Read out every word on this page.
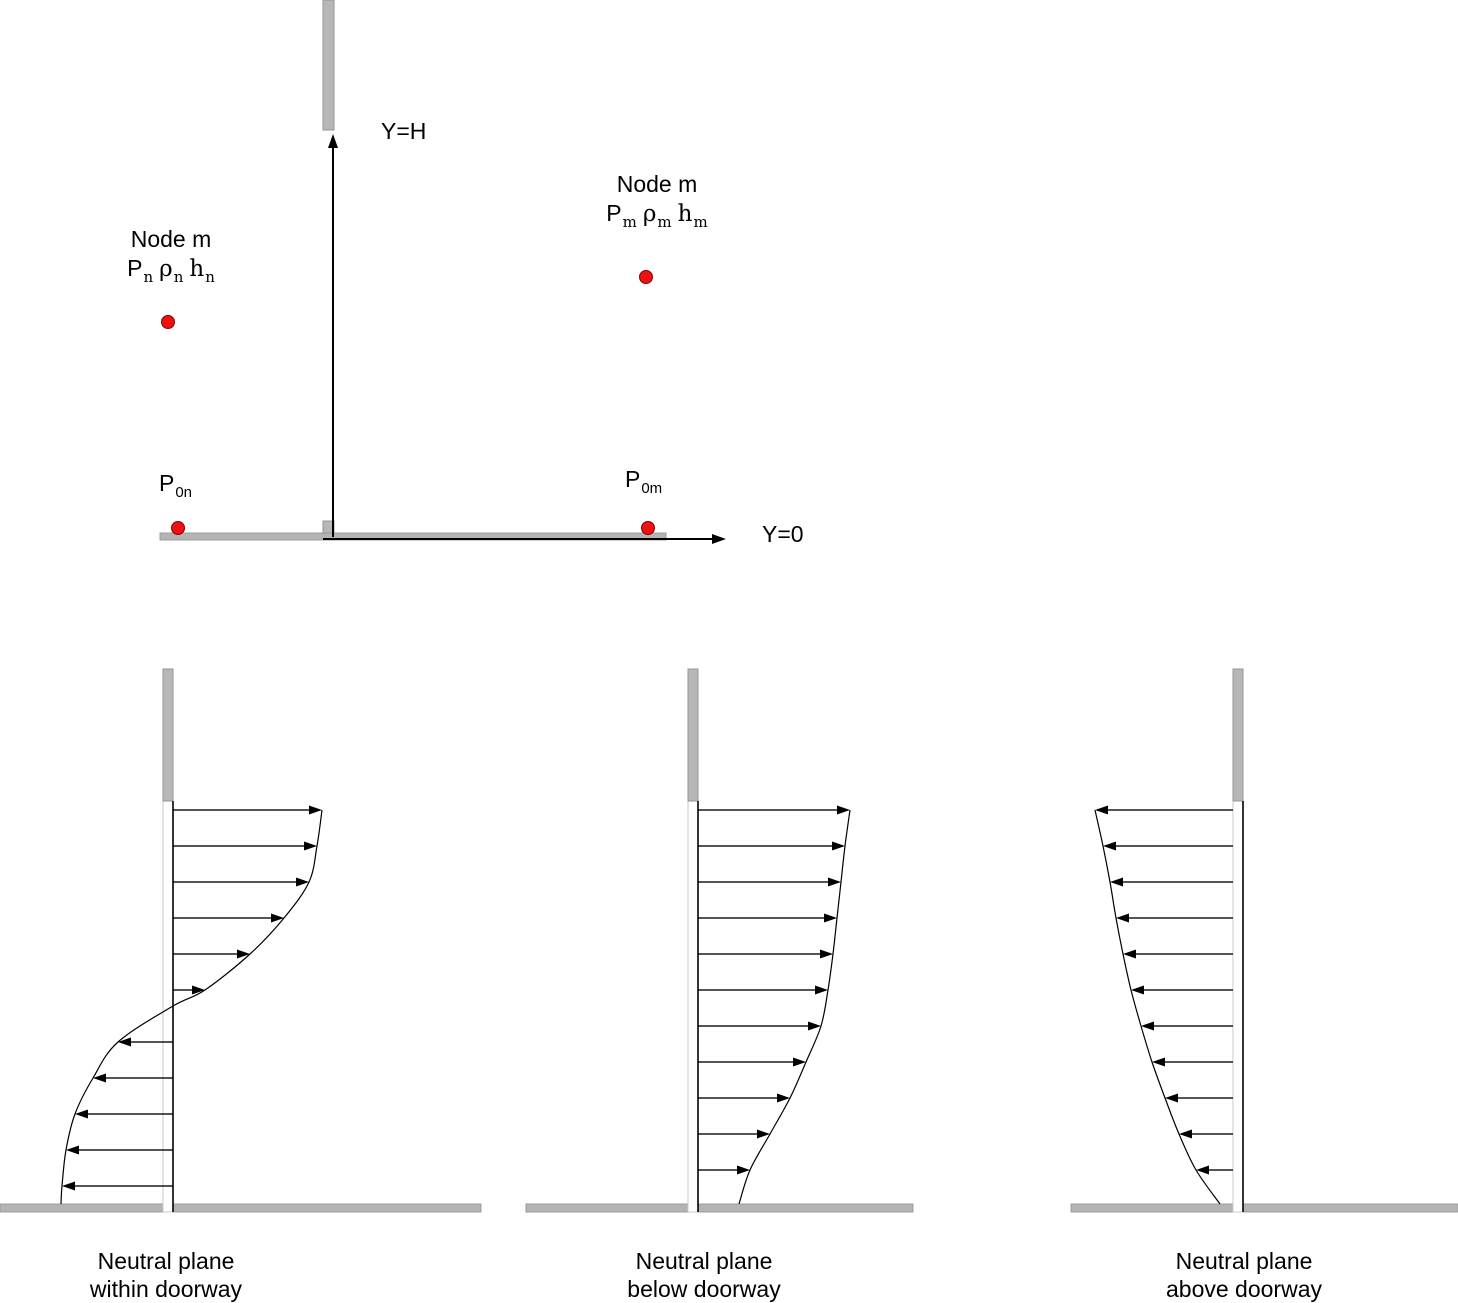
Y=H
Y=0
Node m
$P_n$ $\rho_n$ $h_n$
Node m
$P_m$ $\rho_m$ $h_m$
$P_{0n}$
$P_{0m}$
Neutral plane
within doorway
Neutral plane
below doorway
Neutral plane
above doorway
